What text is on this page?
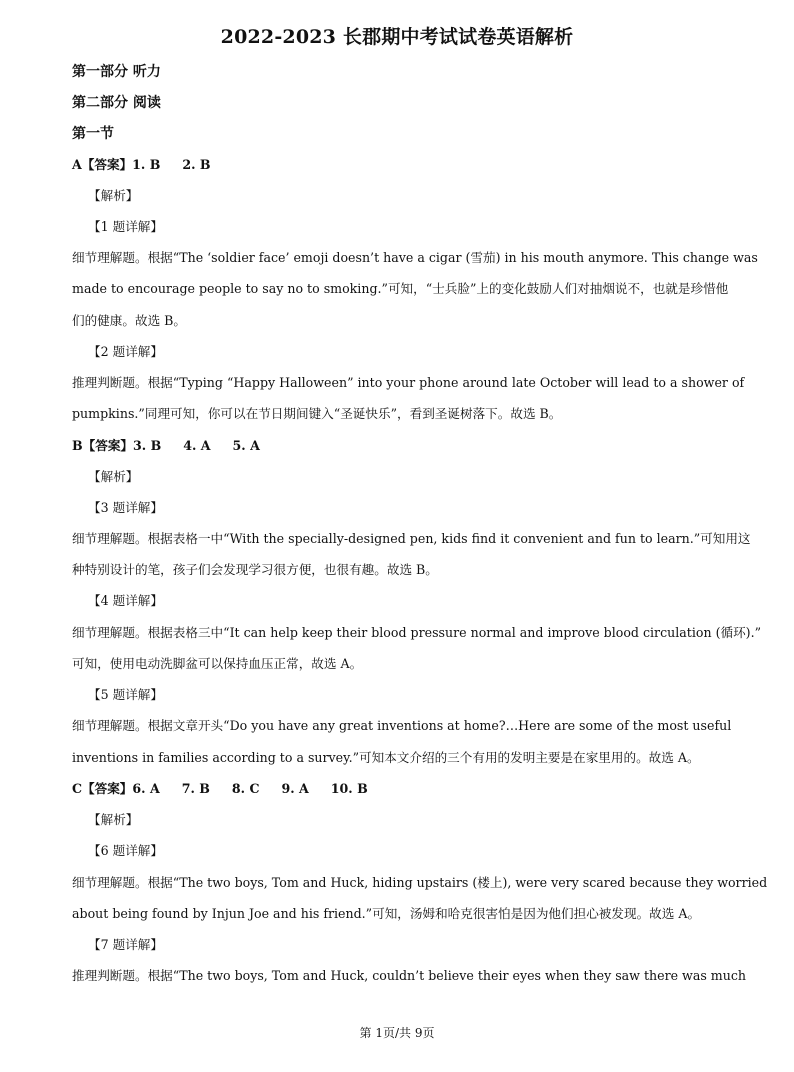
2022-2023 长郡期中考试试卷英语解析
第一部分 听力
第二部分 阅读
第一节
A【答案】1. B 2. B
【解析】
【1 题详解】
细节理解题。根据“The ‘soldier face’ emoji doesn’t have a cigar (雪茄) in his mouth anymore. This change was
made to encourage people to say no to smoking.”可知，“士兵脸”上的变化鼓励人们对抽烟说不，也就是珍惜他
们的健康。故选 B。
【2 题详解】
推理判断题。根据“Typing “Happy Halloween” into your phone around late October will lead to a shower of
pumpkins.”同理可知，你可以在节日期间键入“圣诞快乐”，看到圣诞树落下。故选 B。
B【答案】3. B 4. A 5. A
【解析】
【3 题详解】
细节理解题。根据表格一中“With the specially-designed pen, kids find it convenient and fun to learn.”可知用这
种特别设计的笔，孩子们会发现学习很方便，也很有趣。故选 B。
【4 题详解】
细节理解题。根据表格三中“It can help keep their blood pressure normal and improve blood circulation (循环).”
可知，使用电动洗脚盆可以保持血压正常，故选 A。
【5 题详解】
细节理解题。根据文章开头“Do you have any great inventions at home?…Here are some of the most useful
inventions in families according to a survey.”可知本文介绍的三个有用的发明主要是在家里用的。故选 A。
C【答案】6. A 7. B 8. C 9. A 10. B
【解析】
【6 题详解】
细节理解题。根据“The two boys, Tom and Huck, hiding upstairs (楼上), were very scared because they worried
about being found by Injun Joe and his friend.”可知，汤姆和哈克很害怕是因为他们担心被发现。故选 A。
【7 题详解】
推理判断题。根据“The two boys, Tom and Huck, couldn’t believe their eyes when they saw there was much
第 1页/共 9页
